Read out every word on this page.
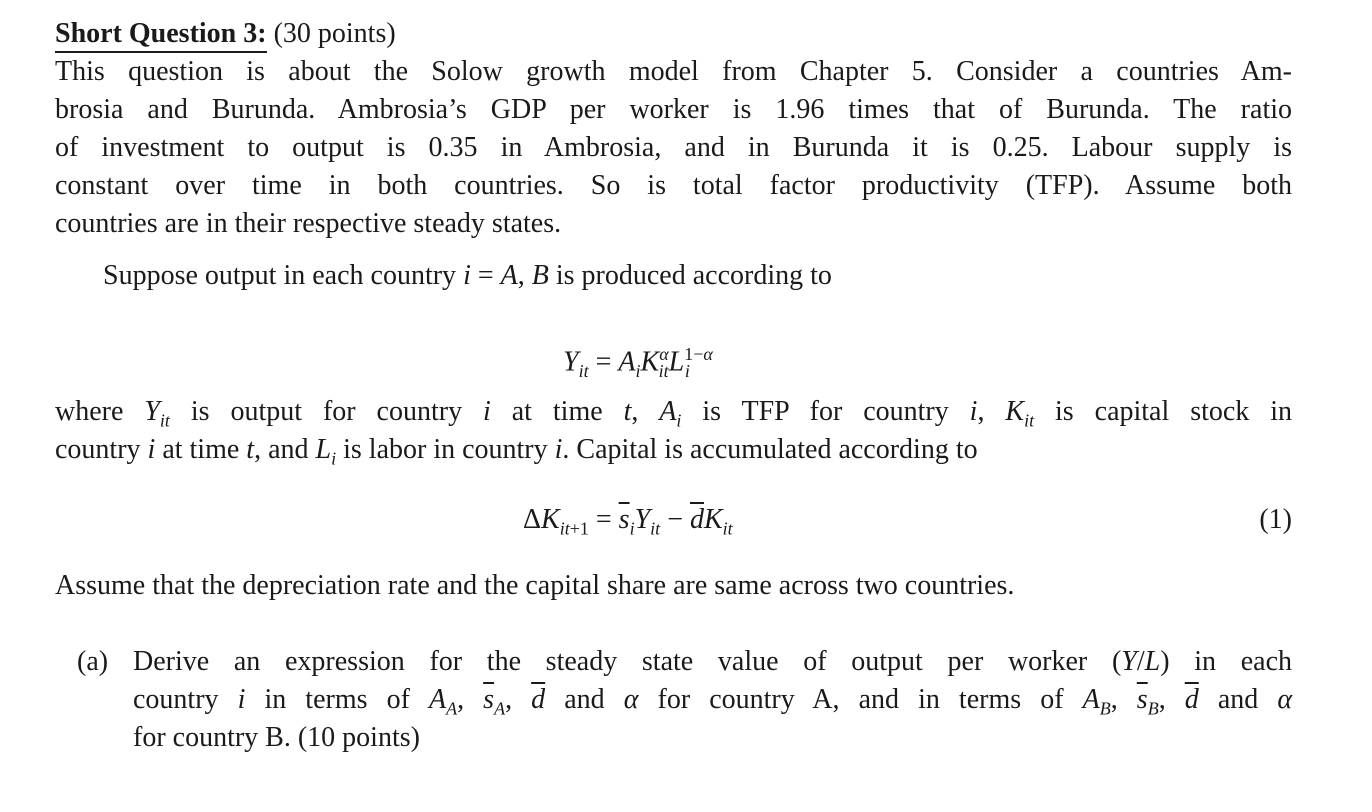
Short Question 3: (30 points)
This question is about the Solow growth model from Chapter 5. Consider a countries Am-
brosia and Burunda. Ambrosia’s GDP per worker is 1.96 times that of Burunda. The ratio
of investment to output is 0.35 in Ambrosia, and in Burunda it is 0.25. Labour supply is
constant over time in both countries. So is total factor productivity (TFP). Assume both
countries are in their respective steady states.
Suppose output in each country i = A, B is produced according to
$Y_{it} = A_iK^\alpha_{it}L^{1-\alpha}_i$
where $Y_{it}$ is output for country i at time t, $A_i$ is TFP for country i, $K_{it}$ is capital stock in
country i at time t, and $L_i$ is labor in country i. Capital is accumulated according to
$\Delta K_{it+1} = \overline{s}_iY_{it} - \overline{d}K_{it}$	(1)
Assume that the depreciation rate and the capital share are same across two countries.
(a) Derive an expression for the steady state value of output per worker (Y/L) in each
country i in terms of $A_A$, $\overline{s}_A$, $\overline{d}$ and α for country A, and in terms of $A_B$, $\overline{s}_B$, $\overline{d}$ and α
for country B. (10 points)
